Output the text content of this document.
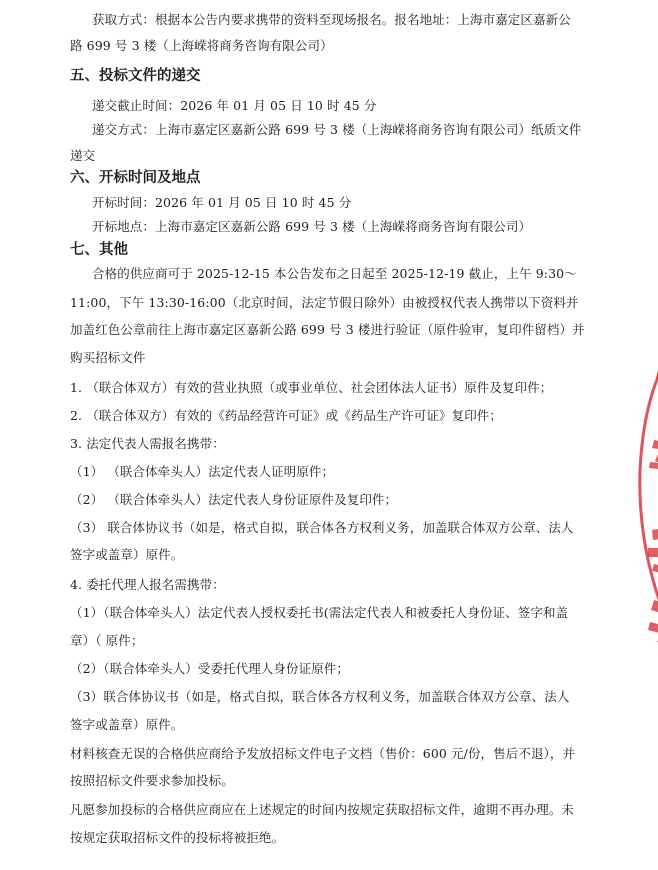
获取方式：根据本公告内要求携带的资料至现场报名。报名地址：上海市嘉定区嘉新公
路 699 号 3 楼（上海嵘将商务咨询有限公司）
五、投标文件的递交
递交截止时间：2026 年 01 月 05 日 10 时 45 分
递交方式：上海市嘉定区嘉新公路 699 号 3 楼（上海嵘将商务咨询有限公司）纸质文件
递交
六、开标时间及地点
开标时间：2026 年 01 月 05 日 10 时 45 分
开标地点：上海市嘉定区嘉新公路 699 号 3 楼（上海嵘将商务咨询有限公司）
七、其他
合格的供应商可于 2025-12-15 本公告发布之日起至 2025-12-19 截止，上午 9:30～
11:00，下午 13:30-16:00（北京时间，法定节假日除外）由被授权代表人携带以下资料并
加盖红色公章前往上海市嘉定区嘉新公路 699 号 3 楼进行验证（原件验审，复印件留档）并
购买招标文件
1. （联合体双方）有效的营业执照（或事业单位、社会团体法人证书）原件及复印件；
2. （联合体双方）有效的《药品经营许可证》或《药品生产许可证》复印件；
3. 法定代表人需报名携带：
（1） （联合体牵头人）法定代表人证明原件；
（2） （联合体牵头人）法定代表人身份证原件及复印件；
（3） 联合体协议书（如是，格式自拟，联合体各方权利义务，加盖联合体双方公章、法人
签字或盖章）原件。
4. 委托代理人报名需携带：
（1）（联合体牵头人）法定代表人授权委托书(需法定代表人和被委托人身份证、签字和盖
章）（ 原件；
（2）（联合体牵头人）受委托代理人身份证原件；
（3）联合体协议书（如是，格式自拟，联合体各方权利义务，加盖联合体双方公章、法人
签字或盖章）原件。
材料核查无误的合格供应商给予发放招标文件电子文档（售价：600 元/份，售后不退），并
按照招标文件要求参加投标。
凡愿参加投标的合格供应商应在上述规定的时间内按规定获取招标文件，逾期不再办理。未
按规定获取招标文件的投标将被拒绝。
